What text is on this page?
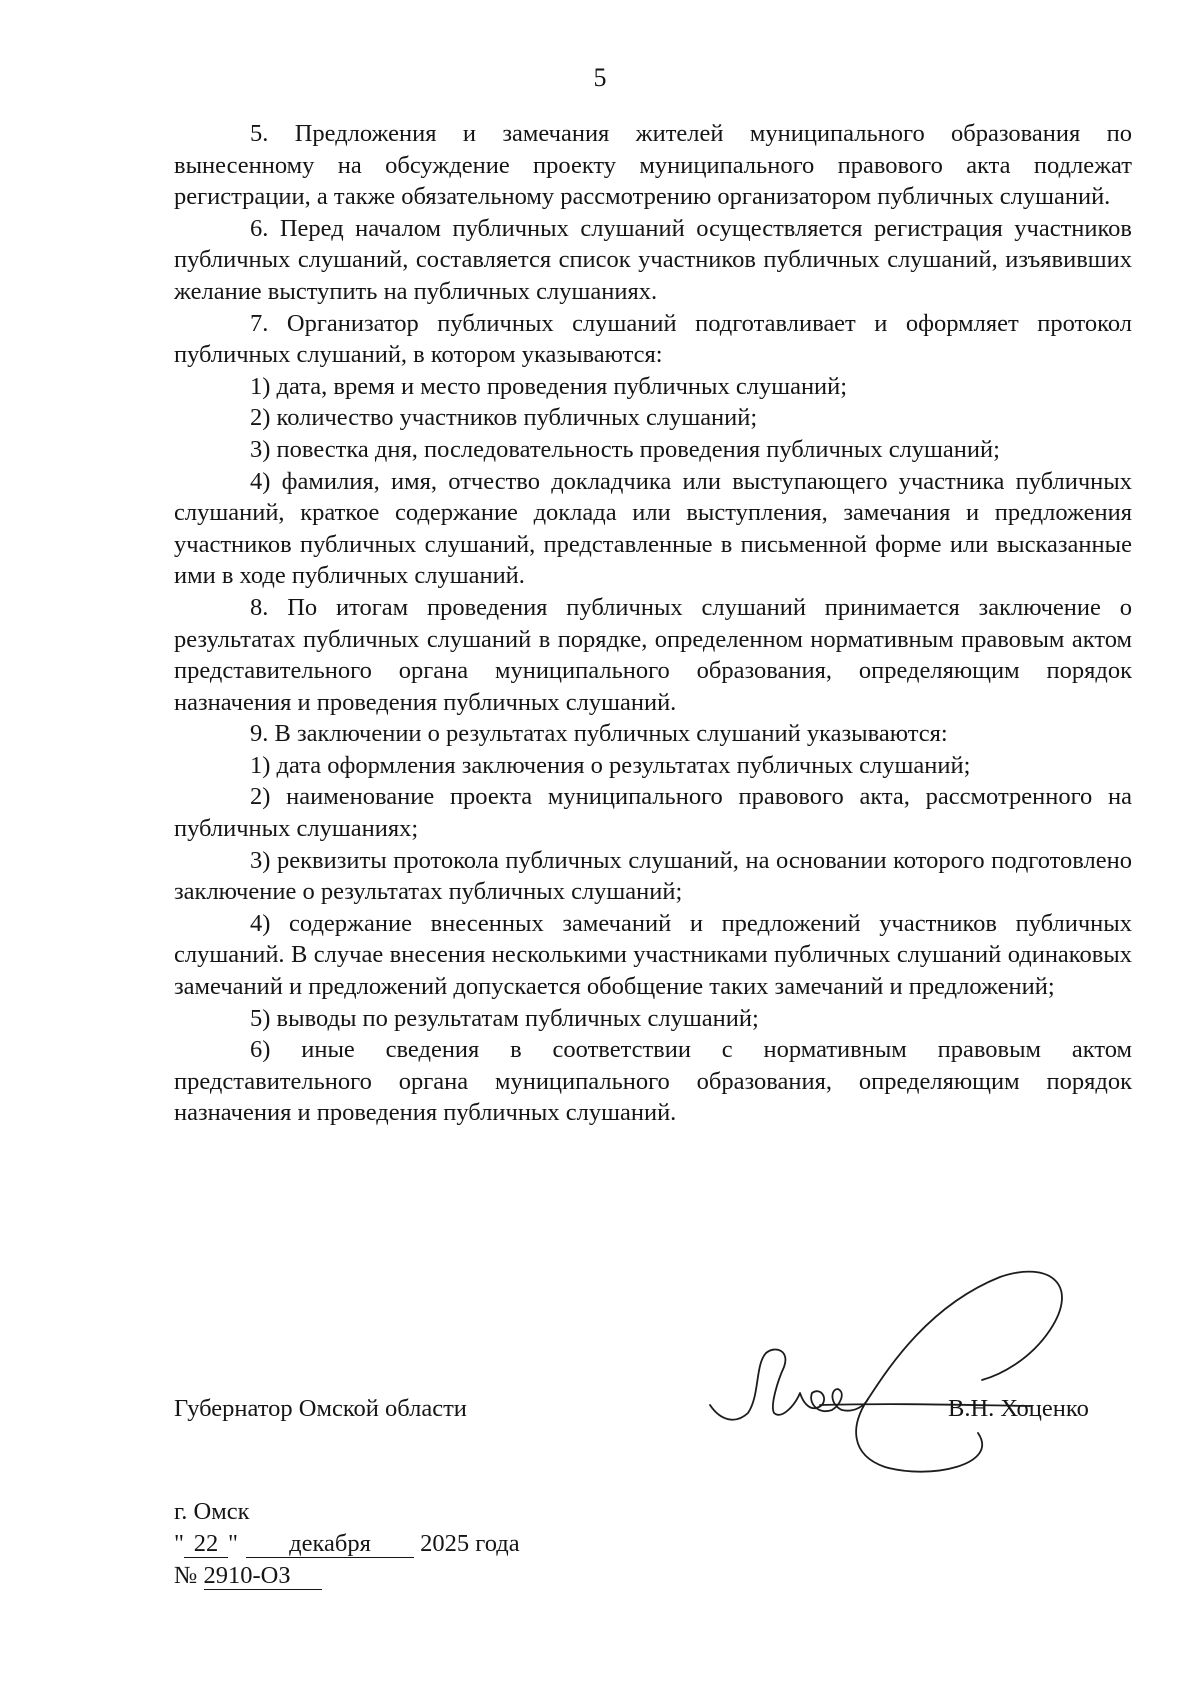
5

5. Предложения и замечания жителей муниципального образования по вынесенному на обсуждение проекту муниципального правового акта подлежат регистрации, а также обязательному рассмотрению организатором публичных слушаний.

6. Перед началом публичных слушаний осуществляется регистрация участников публичных слушаний, составляется список участников публичных слушаний, изъявивших желание выступить на публичных слушаниях.

7. Организатор публичных слушаний подготавливает и оформляет протокол публичных слушаний, в котором указываются:

1) дата, время и место проведения публичных слушаний;

2) количество участников публичных слушаний;

3) повестка дня, последовательность проведения публичных слушаний;

4) фамилия, имя, отчество докладчика или выступающего участника публичных слушаний, краткое содержание доклада или выступления, замечания и предложения участников публичных слушаний, представленные в письменной форме или высказанные ими в ходе публичных слушаний.

8. По итогам проведения публичных слушаний принимается заключение о результатах публичных слушаний в порядке, определенном нормативным правовым актом представительного органа муниципального образования, определяющим порядок назначения и проведения публичных слушаний.

9. В заключении о результатах публичных слушаний указываются:

1) дата оформления заключения о результатах публичных слушаний;

2) наименование проекта муниципального правового акта, рассмотренного на публичных слушаниях;

3) реквизиты протокола публичных слушаний, на основании которого подготовлено заключение о результатах публичных слушаний;

4) содержание внесенных замечаний и предложений участников публичных слушаний. В случае внесения несколькими участниками публичных слушаний одинаковых замечаний и предложений допускается обобщение таких замечаний и предложений;

5) выводы по результатам публичных слушаний;

6) иные сведения в соответствии с нормативным правовым актом представительного органа муниципального образования, определяющим порядок назначения и проведения публичных слушаний.

Губернатор Омской области	В.Н. Хоценко
г. Омск
" 22 " декабря 2025 года
№ 2910-ОЗ
